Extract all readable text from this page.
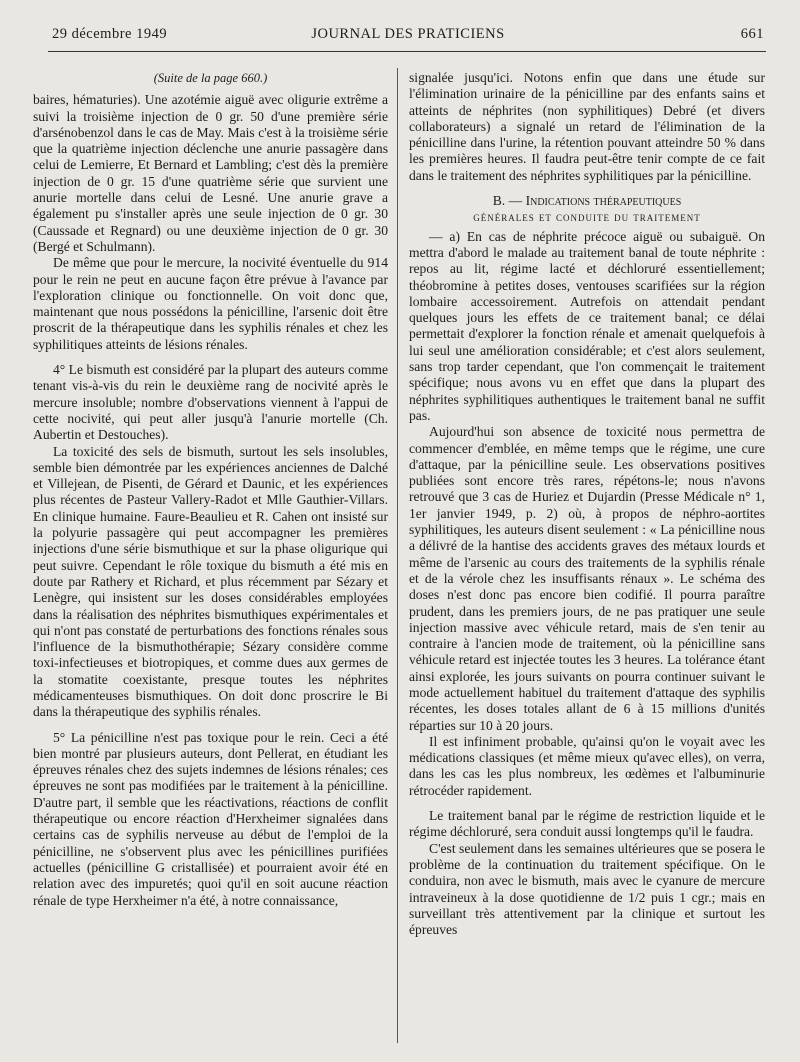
29 décembre 1949	JOURNAL DES PRATICIENS	661
(Suite de la page 660.)

baires, hématuries). Une azotémie aiguë avec oligurie extrême a suivi la troisième injection de 0 gr. 50 d'une première série d'arsénobenzol dans le cas de May. Mais c'est à la troisième série que la quatrième injection déclenche une anurie passagère dans celui de Lemierre, Et Bernard et Lambling; c'est dès la première injection de 0 gr. 15 d'une quatrième série que survient une anurie mortelle dans celui de Lesné. Une anurie grave a également pu s'installer après une seule injection de 0 gr. 30 (Caussade et Regnard) ou une deuxième injection de 0 gr. 30 (Bergé et Schulmann).

De même que pour le mercure, la nocivité éventuelle du 914 pour le rein ne peut en aucune façon être prévue à l'avance par l'exploration clinique ou fonctionnelle. On voit donc que, maintenant que nous possédons la pénicilline, l'arsenic doit être proscrit de la thérapeutique dans les syphilis rénales et chez les syphilitiques atteints de lésions rénales.

4° Le bismuth est considéré par la plupart des auteurs comme tenant vis-à-vis du rein le deuxième rang de nocivité après le mercure insoluble; nombre d'observations viennent à l'appui de cette nocivité, qui peut aller jusqu'à l'anurie mortelle (Ch. Aubertin et Destouches).

La toxicité des sels de bismuth, surtout les sels insolubles, semble bien démontrée par les expériences anciennes de Dalché et Villejean, de Pisenti, de Gérard et Daunic, et les expériences plus récentes de Pasteur Vallery-Radot et Mlle Gauthier-Villars. En clinique humaine. Faure-Beaulieu et R. Cahen ont insisté sur la polyurie passagère qui peut accompagner les premières injections d'une série bismuthique et sur la phase oligurique qui peut suivre. Cependant le rôle toxique du bismuth a été mis en doute par Rathery et Richard, et plus récemment par Sézary et Lenègre, qui insistent sur les doses considérables employées dans la réalisation des néphrites bismuthiques expérimentales et qui n'ont pas constaté de perturbations des fonctions rénales sous l'influence de la bismuthothérapie; Sézary considère comme toxi-infectieuses et biotropiques, et comme dues aux germes de la stomatite coexistante, presque toutes les néphrites médicamenteuses bismuthiques. On doit donc proscrire le Bi dans la thérapeutique des syphilis rénales.

5° La pénicilline n'est pas toxique pour le rein. Ceci a été bien montré par plusieurs auteurs, dont Pellerat, en étudiant les épreuves rénales chez des sujets indemnes de lésions rénales; ces épreuves ne sont pas modifiées par le traitement à la pénicilline. D'autre part, il semble que les réactivations, réactions de conflit thérapeutique ou encore réaction d'Herxheimer signalées dans certains cas de syphilis nerveuse au début de l'emploi de la pénicilline, ne s'observent plus avec les pénicillines purifiées actuelles (pénicilline G cristallisée) et pourraient avoir été en relation avec des impuretés; quoi qu'il en soit aucune réaction rénale de type Herxheimer n'a été, à notre connaissance,

signalée jusqu'ici. Notons enfin que dans une étude sur l'élimination urinaire de la pénicilline par des enfants sains et atteints de néphrites (non syphilitiques) Debré (et divers collaborateurs) a signalé un retard de l'élimination de la pénicilline dans l'urine, la rétention pouvant atteindre 50 % dans les premières heures. Il faudra peut-être tenir compte de ce fait dans le traitement des néphrites syphilitiques par la pénicilline.

B. — Indications thérapeutiques
générales et conduite du traitement

— a) En cas de néphrite précoce aiguë ou subaiguë. On mettra d'abord le malade au traitement banal de toute néphrite : repos au lit, régime lacté et déchloruré essentiellement; théobromine à petites doses, ventouses scarifiées sur la région lombaire accessoirement. Autrefois on attendait pendant quelques jours les effets de ce traitement banal; ce délai permettait d'explorer la fonction rénale et amenait quelquefois à lui seul une amélioration considérable; et c'est alors seulement, sans trop tarder cependant, que l'on commençait le traitement spécifique; nous avons vu en effet que dans la plupart des néphrites syphilitiques authentiques le traitement banal ne suffit pas.

Aujourd'hui son absence de toxicité nous permettra de commencer d'emblée, en même temps que le régime, une cure d'attaque, par la pénicilline seule. Les observations positives publiées sont encore très rares, répétons-le; nous n'avons retrouvé que 3 cas de Huriez et Dujardin (Presse Médicale n° 1, 1er janvier 1949, p. 2) où, à propos de néphro-aortites syphilitiques, les auteurs disent seulement : « La pénicilline nous a délivré de la hantise des accidents graves des métaux lourds et même de l'arsenic au cours des traitements de la syphilis rénale et de la vérole chez les insuffisants rénaux ». Le schéma des doses n'est donc pas encore bien codifié. Il pourra paraître prudent, dans les premiers jours, de ne pas pratiquer une seule injection massive avec véhicule retard, mais de s'en tenir au contraire à l'ancien mode de traitement, où la pénicilline sans véhicule retard est injectée toutes les 3 heures. La tolérance étant ainsi explorée, les jours suivants on pourra continuer suivant le mode actuellement habituel du traitement d'attaque des syphilis récentes, les doses totales allant de 6 à 15 millions d'unités réparties sur 10 à 20 jours.

Il est infiniment probable, qu'ainsi qu'on le voyait avec les médications classiques (et même mieux qu'avec elles), on verra, dans les cas les plus nombreux, les œdèmes et l'albuminurie rétrocéder rapidement.

Le traitement banal par le régime de restriction liquide et le régime déchloruré, sera conduit aussi longtemps qu'il le faudra.

C'est seulement dans les semaines ultérieures que se posera le problème de la continuation du traitement spécifique. On le conduira, non avec le bismuth, mais avec le cyanure de mercure intraveineux à la dose quotidienne de 1/2 puis 1 cgr.; mais en surveillant très attentivement par la clinique et surtout les épreuves
